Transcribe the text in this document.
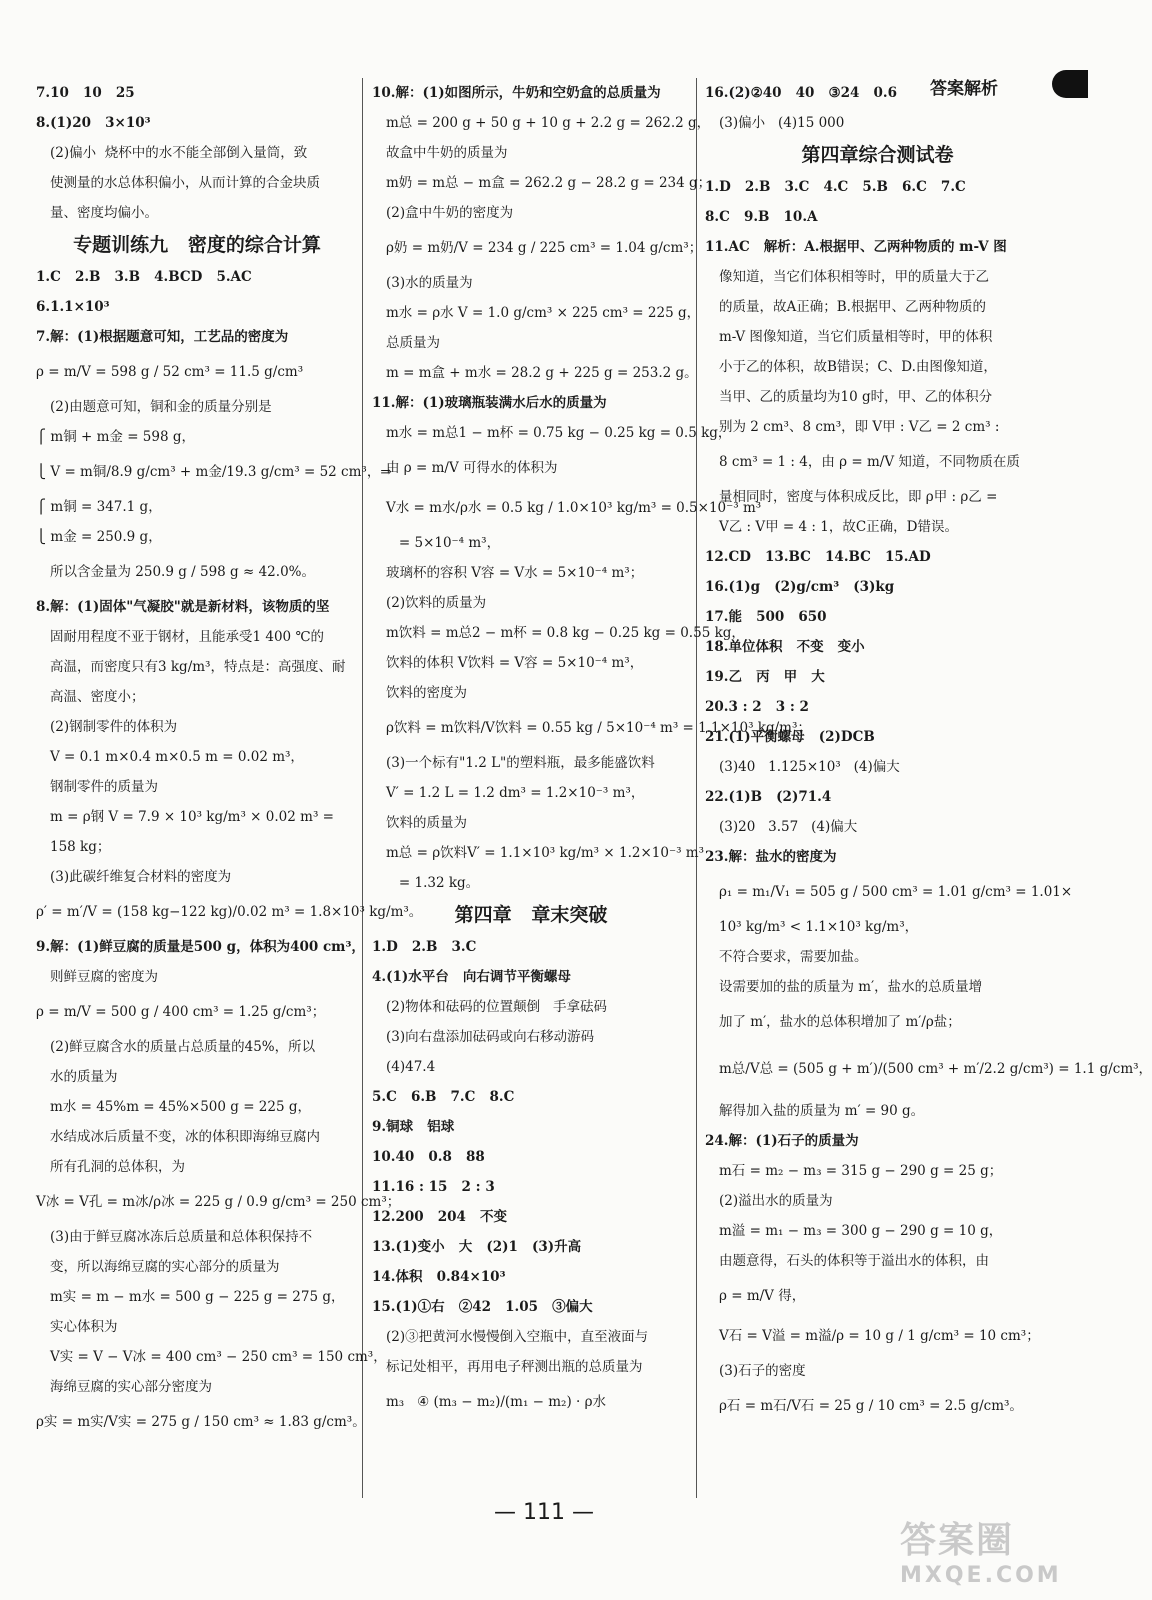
答案解析
7.10   10   25
8.(1)20   3×10³
(2)偏小  烧杯中的水不能全部倒入量筒，致
使测量的水总体积偏小，从而计算的合金块质
量、密度均偏小。
专题训练九   密度的综合计算
1.C   2.B   3.B   4.BCD   5.AC
6.1.1×10³
7.解：(1)根据题意可知，工艺品的密度为
ρ = m/V = 598 g / 52 cm³ = 11.5 g/cm³
(2)由题意可知，铜和金的质量分别是
⎧ m铜 + m金 = 598 g，
⎩ V = m铜/8.9 g/cm³ + m金/19.3 g/cm³ = 52 cm³，⇒
⎧ m铜 = 347.1 g，
⎩ m金 = 250.9 g，
所以含金量为 250.9 g / 598 g ≈ 42.0%。
8.解：(1)固体"气凝胶"就是新材料，该物质的坚
固耐用程度不亚于钢材，且能承受1 400 ℃的
高温，而密度只有3 kg/m³，特点是：高强度、耐
高温、密度小；
(2)钢制零件的体积为
V = 0.1 m×0.4 m×0.5 m = 0.02 m³，
钢制零件的质量为
m = ρ钢 V = 7.9 × 10³ kg/m³ × 0.02 m³ =
158 kg；
(3)此碳纤维复合材料的密度为
ρ′ = m′/V = (158 kg−122 kg)/0.02 m³ = 1.8×10³ kg/m³。
9.解：(1)鲜豆腐的质量是500 g，体积为400 cm³，
则鲜豆腐的密度为
ρ = m/V = 500 g / 400 cm³ = 1.25 g/cm³；
(2)鲜豆腐含水的质量占总质量的45%，所以
水的质量为
m水 = 45%m = 45%×500 g = 225 g，
水结成冰后质量不变，冰的体积即海绵豆腐内
所有孔洞的总体积，为
V冰 = V孔 = m冰/ρ冰 = 225 g / 0.9 g/cm³ = 250 cm³；
(3)由于鲜豆腐冰冻后总质量和总体积保持不
变，所以海绵豆腐的实心部分的质量为
m实 = m − m水 = 500 g − 225 g = 275 g，
实心体积为
V实 = V − V冰 = 400 cm³ − 250 cm³ = 150 cm³，
海绵豆腐的实心部分密度为
ρ实 = m实/V实 = 275 g / 150 cm³ ≈ 1.83 g/cm³。
10.解：(1)如图所示，牛奶和空奶盒的总质量为
m总 = 200 g + 50 g + 10 g + 2.2 g = 262.2 g，
故盒中牛奶的质量为
m奶 = m总 − m盒 = 262.2 g − 28.2 g = 234 g；
(2)盒中牛奶的密度为
ρ奶 = m奶/V = 234 g / 225 cm³ = 1.04 g/cm³；
(3)水的质量为
m水 = ρ水 V = 1.0 g/cm³ × 225 cm³ = 225 g，
总质量为
m = m盒 + m水 = 28.2 g + 225 g = 253.2 g。
11.解：(1)玻璃瓶装满水后水的质量为
m水 = m总1 − m杯 = 0.75 kg − 0.25 kg = 0.5 kg，
由 ρ = m/V 可得水的体积为
V水 = m水/ρ水 = 0.5 kg / 1.0×10³ kg/m³ = 0.5×10⁻³ m³
= 5×10⁻⁴ m³，
玻璃杯的容积 V容 = V水 = 5×10⁻⁴ m³；
(2)饮料的质量为
m饮料 = m总2 − m杯 = 0.8 kg − 0.25 kg = 0.55 kg，
饮料的体积 V饮料 = V容 = 5×10⁻⁴ m³，
饮料的密度为
ρ饮料 = m饮料/V饮料 = 0.55 kg / 5×10⁻⁴ m³ = 1.1×10³ kg/m³；
(3)一个标有"1.2 L"的塑料瓶，最多能盛饮料
V′ = 1.2 L = 1.2 dm³ = 1.2×10⁻³ m³，
饮料的质量为
m总 = ρ饮料V′ = 1.1×10³ kg/m³ × 1.2×10⁻³ m³
= 1.32 kg。
第四章   章末突破
1.D   2.B   3.C
4.(1)水平台   向右调节平衡螺母
(2)物体和砝码的位置颠倒   手拿砝码
(3)向右盘添加砝码或向右移动游码
(4)47.4
5.C   6.B   7.C   8.C
9.铜球   铝球
10.40   0.8   88
11.16 : 15   2 : 3
12.200   204   不变
13.(1)变小   大   (2)1   (3)升高
14.体积   0.84×10³
15.(1)①右   ②42   1.05   ③偏大
(2)③把黄河水慢慢倒入空瓶中，直至液面与
标记处相平，再用电子秤测出瓶的总质量为
m₃   ④ (m₃ − m₂)/(m₁ − m₂) · ρ水
16.(2)②40   40   ③24   0.6
(3)偏小   (4)15 000
第四章综合测试卷
1.D   2.B   3.C   4.C   5.B   6.C   7.C
8.C   9.B   10.A
11.AC   解析：A.根据甲、乙两种物质的 m-V 图
像知道，当它们体积相等时，甲的质量大于乙
的质量，故A正确；B.根据甲、乙两种物质的
m-V 图像知道，当它们质量相等时，甲的体积
小于乙的体积，故B错误；C、D.由图像知道，
当甲、乙的质量均为10 g时，甲、乙的体积分
别为 2 cm³、8 cm³，即 V甲 : V乙 = 2 cm³ :
8 cm³ = 1 : 4，由 ρ = m/V 知道，不同物质在质
量相同时，密度与体积成反比，即 ρ甲 : ρ乙 =
V乙 : V甲 = 4 : 1，故C正确，D错误。
12.CD   13.BC   14.BC   15.AD
16.(1)g   (2)g/cm³   (3)kg
17.能   500   650
18.单位体积   不变   变小
19.乙   丙   甲   大
20.3 : 2   3 : 2
21.(1)平衡螺母   (2)DCB
(3)40   1.125×10³   (4)偏大
22.(1)B   (2)71.4
(3)20   3.57   (4)偏大
23.解：盐水的密度为
ρ₁ = m₁/V₁ = 505 g / 500 cm³ = 1.01 g/cm³ = 1.01×
10³ kg/m³ < 1.1×10³ kg/m³，
不符合要求，需要加盐。
设需要加的盐的质量为 m′，盐水的总质量增
加了 m′，盐水的总体积增加了 m′/ρ盐；
m总/V总 = (505 g + m′)/(500 cm³ + m′/2.2 g/cm³) = 1.1 g/cm³，
解得加入盐的质量为 m′ = 90 g。
24.解：(1)石子的质量为
m石 = m₂ − m₃ = 315 g − 290 g = 25 g；
(2)溢出水的质量为
m溢 = m₁ − m₃ = 300 g − 290 g = 10 g，
由题意得，石头的体积等于溢出水的体积，由
ρ = m/V 得，
V石 = V溢 = m溢/ρ = 10 g / 1 g/cm³ = 10 cm³；
(3)石子的密度
ρ石 = m石/V石 = 25 g / 10 cm³ = 2.5 g/cm³。
— 111 —
答案圈
MXQE.COM
